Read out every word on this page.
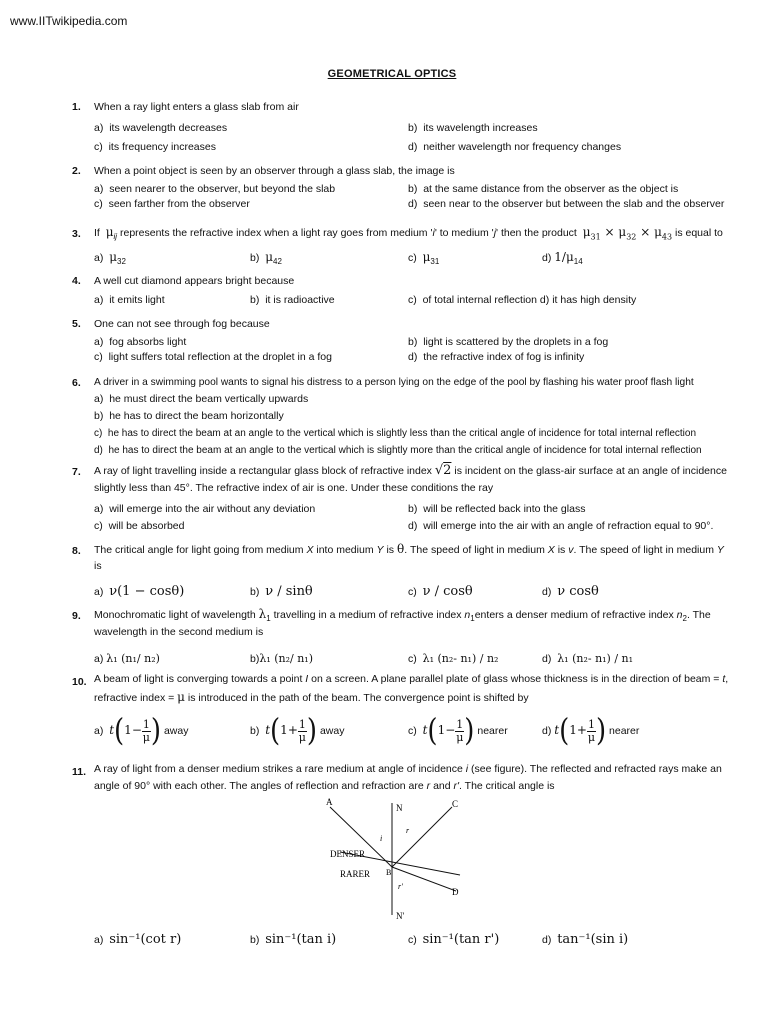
www.IITwikipedia.com
GEOMETRICAL OPTICS
1. When a ray light enters a glass slab from air
a) its wavelength decreases	b) its wavelength increases
c) its frequency increases	d) neither wavelength nor frequency changes
2. When a point object is seen by an observer through a glass slab, the image is
a) seen nearer to the observer, but beyond the slab	b) at the same distance from the observer as the object is
c) seen farther from the observer	d) seen near to the observer but between the slab and the observer
3. If $\mu_{ij}$ represents the refractive index when a light ray goes from medium 'i' to medium 'j' then the product $\mu_{31} \times \mu_{32} \times \mu_{43}$ is equal to
a) $\mu_{32}$	b) $\mu_{42}$	c) $\mu_{31}$	d) $1/\mu_{14}$
4. A well cut diamond appears bright because
a) it emits light	b) it is radioactive	c) of total internal reflection d) it has high density
5. One can not see through fog because
a) fog absorbs light	b) light is scattered by the droplets in a fog
c) light suffers total reflection at the droplet in a fog	d) the refractive index of fog is infinity
6. A driver in a swimming pool wants to signal his distress to a person lying on the edge of the pool by flashing his water proof flash light
a) he must direct the beam vertically upwards
b) he has to direct the beam horizontally
c) he has to direct the beam at an angle to the vertical which is slightly less than the critical angle of incidence for total internal reflection
d) he has to direct the beam at an angle to the vertical which is slightly more than the critical angle of incidence for total internal reflection
7. A ray of light travelling inside a rectangular glass block of refractive index √2 is incident on the glass-air surface at an angle of incidence
slightly less than 45°. The refractive index of air is one. Under these conditions the ray
a) will emerge into the air without any deviation	b) will be reflected back into the glass
c) will be absorbed	d) will emerge into the air with an angle of refraction equal to 90°.
8. The critical angle for light going from medium X into medium Y is θ. The speed of light in medium X is v. The speed of light in medium Y
is
a) ν(1 − cosθ)	b) ν / sinθ	c) ν / cosθ	d) ν cosθ
9. Monochromatic light of wavelength $\lambda_1$ travelling in a medium of refractive index $n_1enters$ a denser medium of refractive index $n_2$. The
wavelength in the second medium is
a) λ₁ (n₁/ n₂)	b)λ₁ (n₂/ n₁)	c) λ₁ (n₂- n₁) / n₂	d) λ₁ (n₂- n₁) / n₁
10. A beam of light is converging towards a point I on a screen. A plane parallel plate of glass whose thickness is in the direction of beam = t,
refractive index = μ is introduced in the path of the beam. The convergence point is shifted by
a) $t(1- \frac{1}{\mu}$ ) away	b) $t(1+ \frac{1}{\mu}$ ) away	c) $t(1- \frac{1}{\mu}$ ) nearer	d) $t(1+ \frac{1}{\mu}$ ) nearer
11. A ray of light from a denser medium strikes a rare medium at angle of incidence i (see figure). The reflected and refracted rays make an
angle of 90° with each other. The angles of reflection and refraction are r and r'. The critical angle is
A
N	C
i
r
DENSER
RARER B
r'
D
N'
a) sin⁻¹(cot r)	b) sin⁻¹(tan i)	c) sin⁻¹(tan r')	d) tan⁻¹(sin i)
